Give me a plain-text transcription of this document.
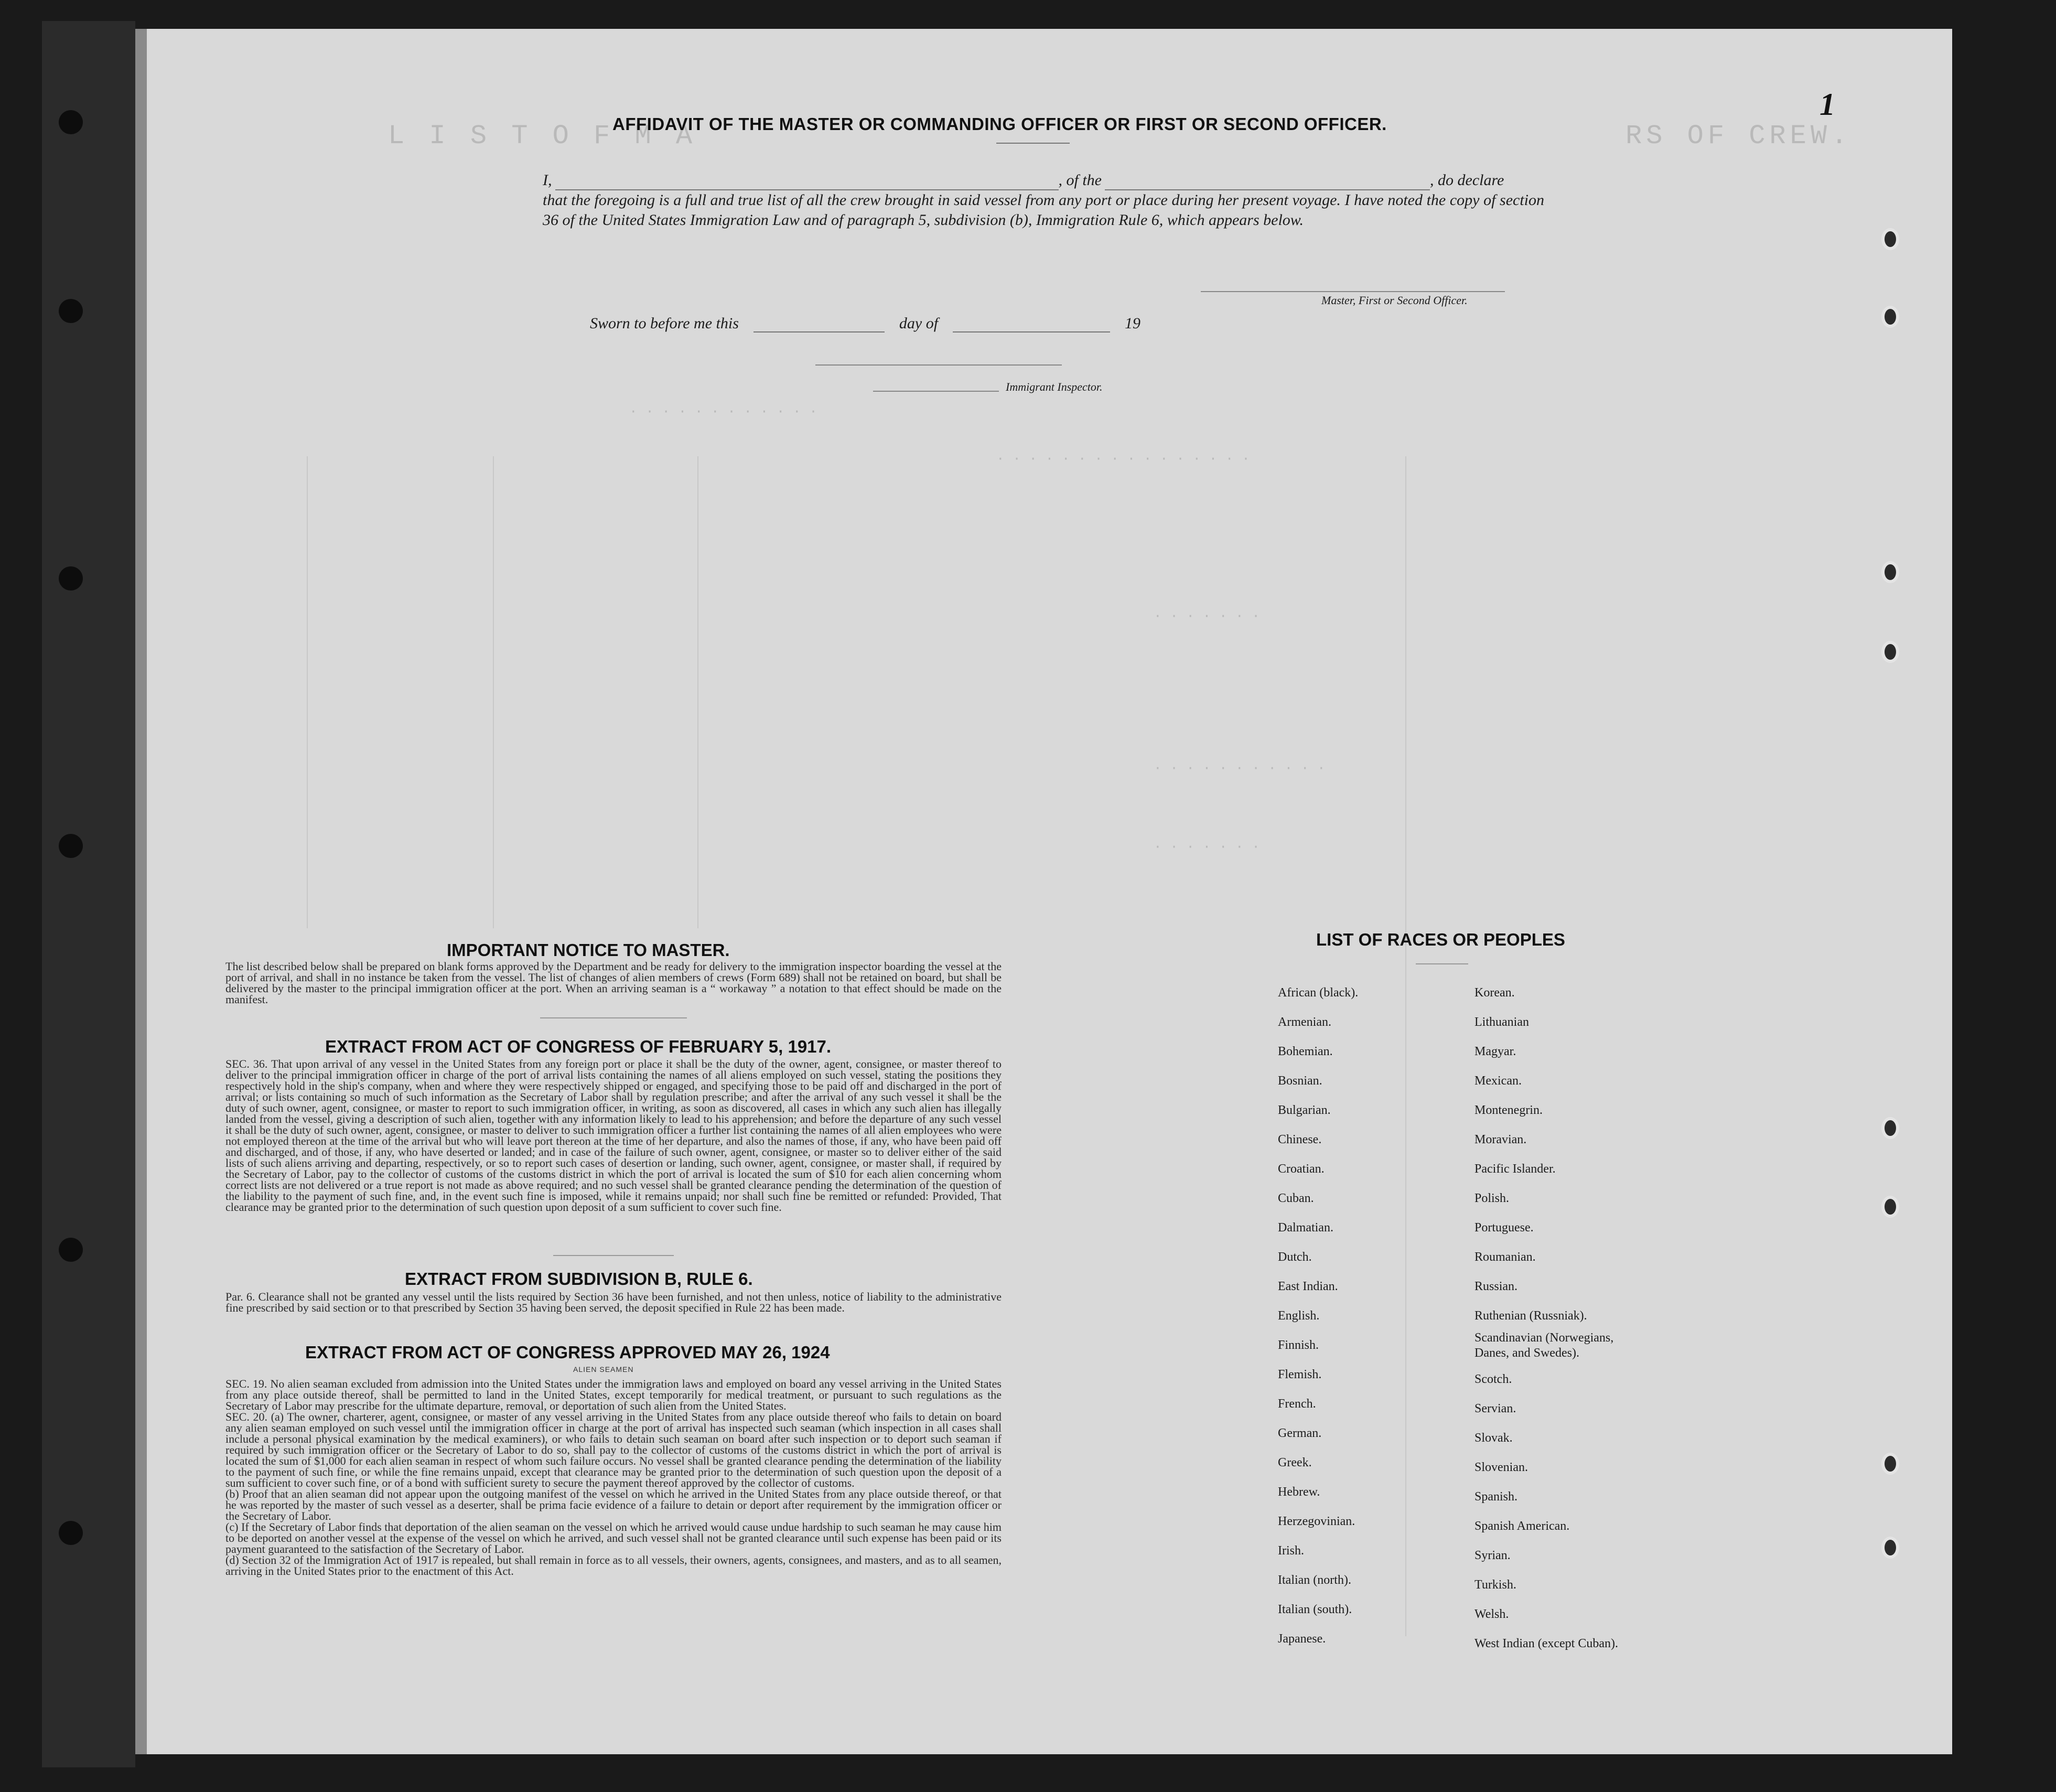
L I S T O F M A	RS OF CREW.
· · · · · · · · · · · ·
· · · · · · · · · · · · · · · ·
· · · · · · ·
· · · · · · · · · · ·
· · · · · · ·
1
AFFIDAVIT OF THE MASTER OR COMMANDING OFFICER OR FIRST OR SECOND OFFICER.
I,	, of the	, do declare
that the foregoing is a full and true list of all the crew brought in said vessel from any port or place during her present voyage. I have noted the copy of section 36 of the United States Immigration Law and of paragraph 5, subdivision (b), Immigration Rule 6, which appears below.
Master, First or Second Officer.
Sworn to before me this	day of	19
Immigrant Inspector.
IMPORTANT NOTICE TO MASTER.
The list described below shall be prepared on blank forms approved by the Department and be ready for delivery to the immigration inspector boarding the vessel at the port of arrival, and shall in no instance be taken from the vessel. The list of changes of alien members of crews (Form 689) shall not be retained on board, but shall be delivered by the master to the principal immigration officer at the port. When an arriving seaman is a “ workaway ” a notation to that effect should be made on the manifest.
EXTRACT FROM ACT OF CONGRESS OF FEBRUARY 5, 1917.
SEC. 36. That upon arrival of any vessel in the United States from any foreign port or place it shall be the duty of the owner, agent, consignee, or master thereof to deliver to the principal immigration officer in charge of the port of arrival lists containing the names of all aliens employed on such vessel, stating the positions they respectively hold in the ship's company, when and where they were respectively shipped or engaged, and specifying those to be paid off and discharged in the port of arrival; or lists containing so much of such information as the Secretary of Labor shall by regulation prescribe; and after the arrival of any such vessel it shall be the duty of such owner, agent, consignee, or master to report to such immigration officer, in writing, as soon as discovered, all cases in which any such alien has illegally landed from the vessel, giving a description of such alien, together with any information likely to lead to his apprehension; and before the departure of any such vessel it shall be the duty of such owner, agent, consignee, or master to deliver to such immigration officer a further list containing the names of all alien employees who were not employed thereon at the time of the arrival but who will leave port thereon at the time of her departure, and also the names of those, if any, who have been paid off and discharged, and of those, if any, who have deserted or landed; and in case of the failure of such owner, agent, consignee, or master so to deliver either of the said lists of such aliens arriving and departing, respectively, or so to report such cases of desertion or landing, such owner, agent, consignee, or master shall, if required by the Secretary of Labor, pay to the collector of customs of the customs district in which the port of arrival is located the sum of $10 for each alien concerning whom correct lists are not delivered or a true report is not made as above required; and no such vessel shall be granted clearance pending the determination of the question of the liability to the payment of such fine, and, in the event such fine is imposed, while it remains unpaid; nor shall such fine be remitted or refunded: Provided, That clearance may be granted prior to the determination of such question upon deposit of a sum sufficient to cover such fine.
EXTRACT FROM SUBDIVISION B, RULE 6.
Par. 6. Clearance shall not be granted any vessel until the lists required by Section 36 have been furnished, and not then unless, notice of liability to the administrative fine prescribed by said section or to that prescribed by Section 35 having been served, the deposit specified in Rule 22 has been made.
EXTRACT FROM ACT OF CONGRESS APPROVED MAY 26, 1924
ALIEN SEAMEN
SEC. 19. No alien seaman excluded from admission into the United States under the immigration laws and employed on board any vessel arriving in the United States from any place outside thereof, shall be permitted to land in the United States, except temporarily for medical treatment, or pursuant to such regulations as the Secretary of Labor may prescribe for the ultimate departure, removal, or deportation of such alien from the United States.
SEC. 20. (a) The owner, charterer, agent, consignee, or master of any vessel arriving in the United States from any place outside thereof who fails to detain on board any alien seaman employed on such vessel until the immigration officer in charge at the port of arrival has inspected such seaman (which inspection in all cases shall include a personal physical examination by the medical examiners), or who fails to detain such seaman on board after such inspection or to deport such seaman if required by such immigration officer or the Secretary of Labor to do so, shall pay to the collector of customs of the customs district in which the port of arrival is located the sum of $1,000 for each alien seaman in respect of whom such failure occurs. No vessel shall be granted clearance pending the determination of the liability to the payment of such fine, or while the fine remains unpaid, except that clearance may be granted prior to the determination of such question upon the deposit of a sum sufficient to cover such fine, or of a bond with sufficient surety to secure the payment thereof approved by the collector of customs.
(b) Proof that an alien seaman did not appear upon the outgoing manifest of the vessel on which he arrived in the United States from any place outside thereof, or that he was reported by the master of such vessel as a deserter, shall be prima facie evidence of a failure to detain or deport after requirement by the immigration officer or the Secretary of Labor.
(c) If the Secretary of Labor finds that deportation of the alien seaman on the vessel on which he arrived would cause undue hardship to such seaman he may cause him to be deported on another vessel at the expense of the vessel on which he arrived, and such vessel shall not be granted clearance until such expense has been paid or its payment guaranteed to the satisfaction of the Secretary of Labor.
(d) Section 32 of the Immigration Act of 1917 is repealed, but shall remain in force as to all vessels, their owners, agents, consignees, and masters, and as to all seamen, arriving in the United States prior to the enactment of this Act.
LIST OF RACES OR PEOPLES
African (black).
Armenian.
Bohemian.
Bosnian.
Bulgarian.
Chinese.
Croatian.
Cuban.
Dalmatian.
Dutch.
East Indian.
English.
Finnish.
Flemish.
French.
German.
Greek.
Hebrew.
Herzegovinian.
Irish.
Italian (north).
Italian (south).
Japanese.
Korean.
Lithuanian
Magyar.
Mexican.
Montenegrin.
Moravian.
Pacific Islander.
Polish.
Portuguese.
Roumanian.
Russian.
Ruthenian (Russniak).
Scandinavian (Norwegians, Danes, and Swedes).
Scotch.
Servian.
Slovak.
Slovenian.
Spanish.
Spanish American.
Syrian.
Turkish.
Welsh.
West Indian (except Cuban).
